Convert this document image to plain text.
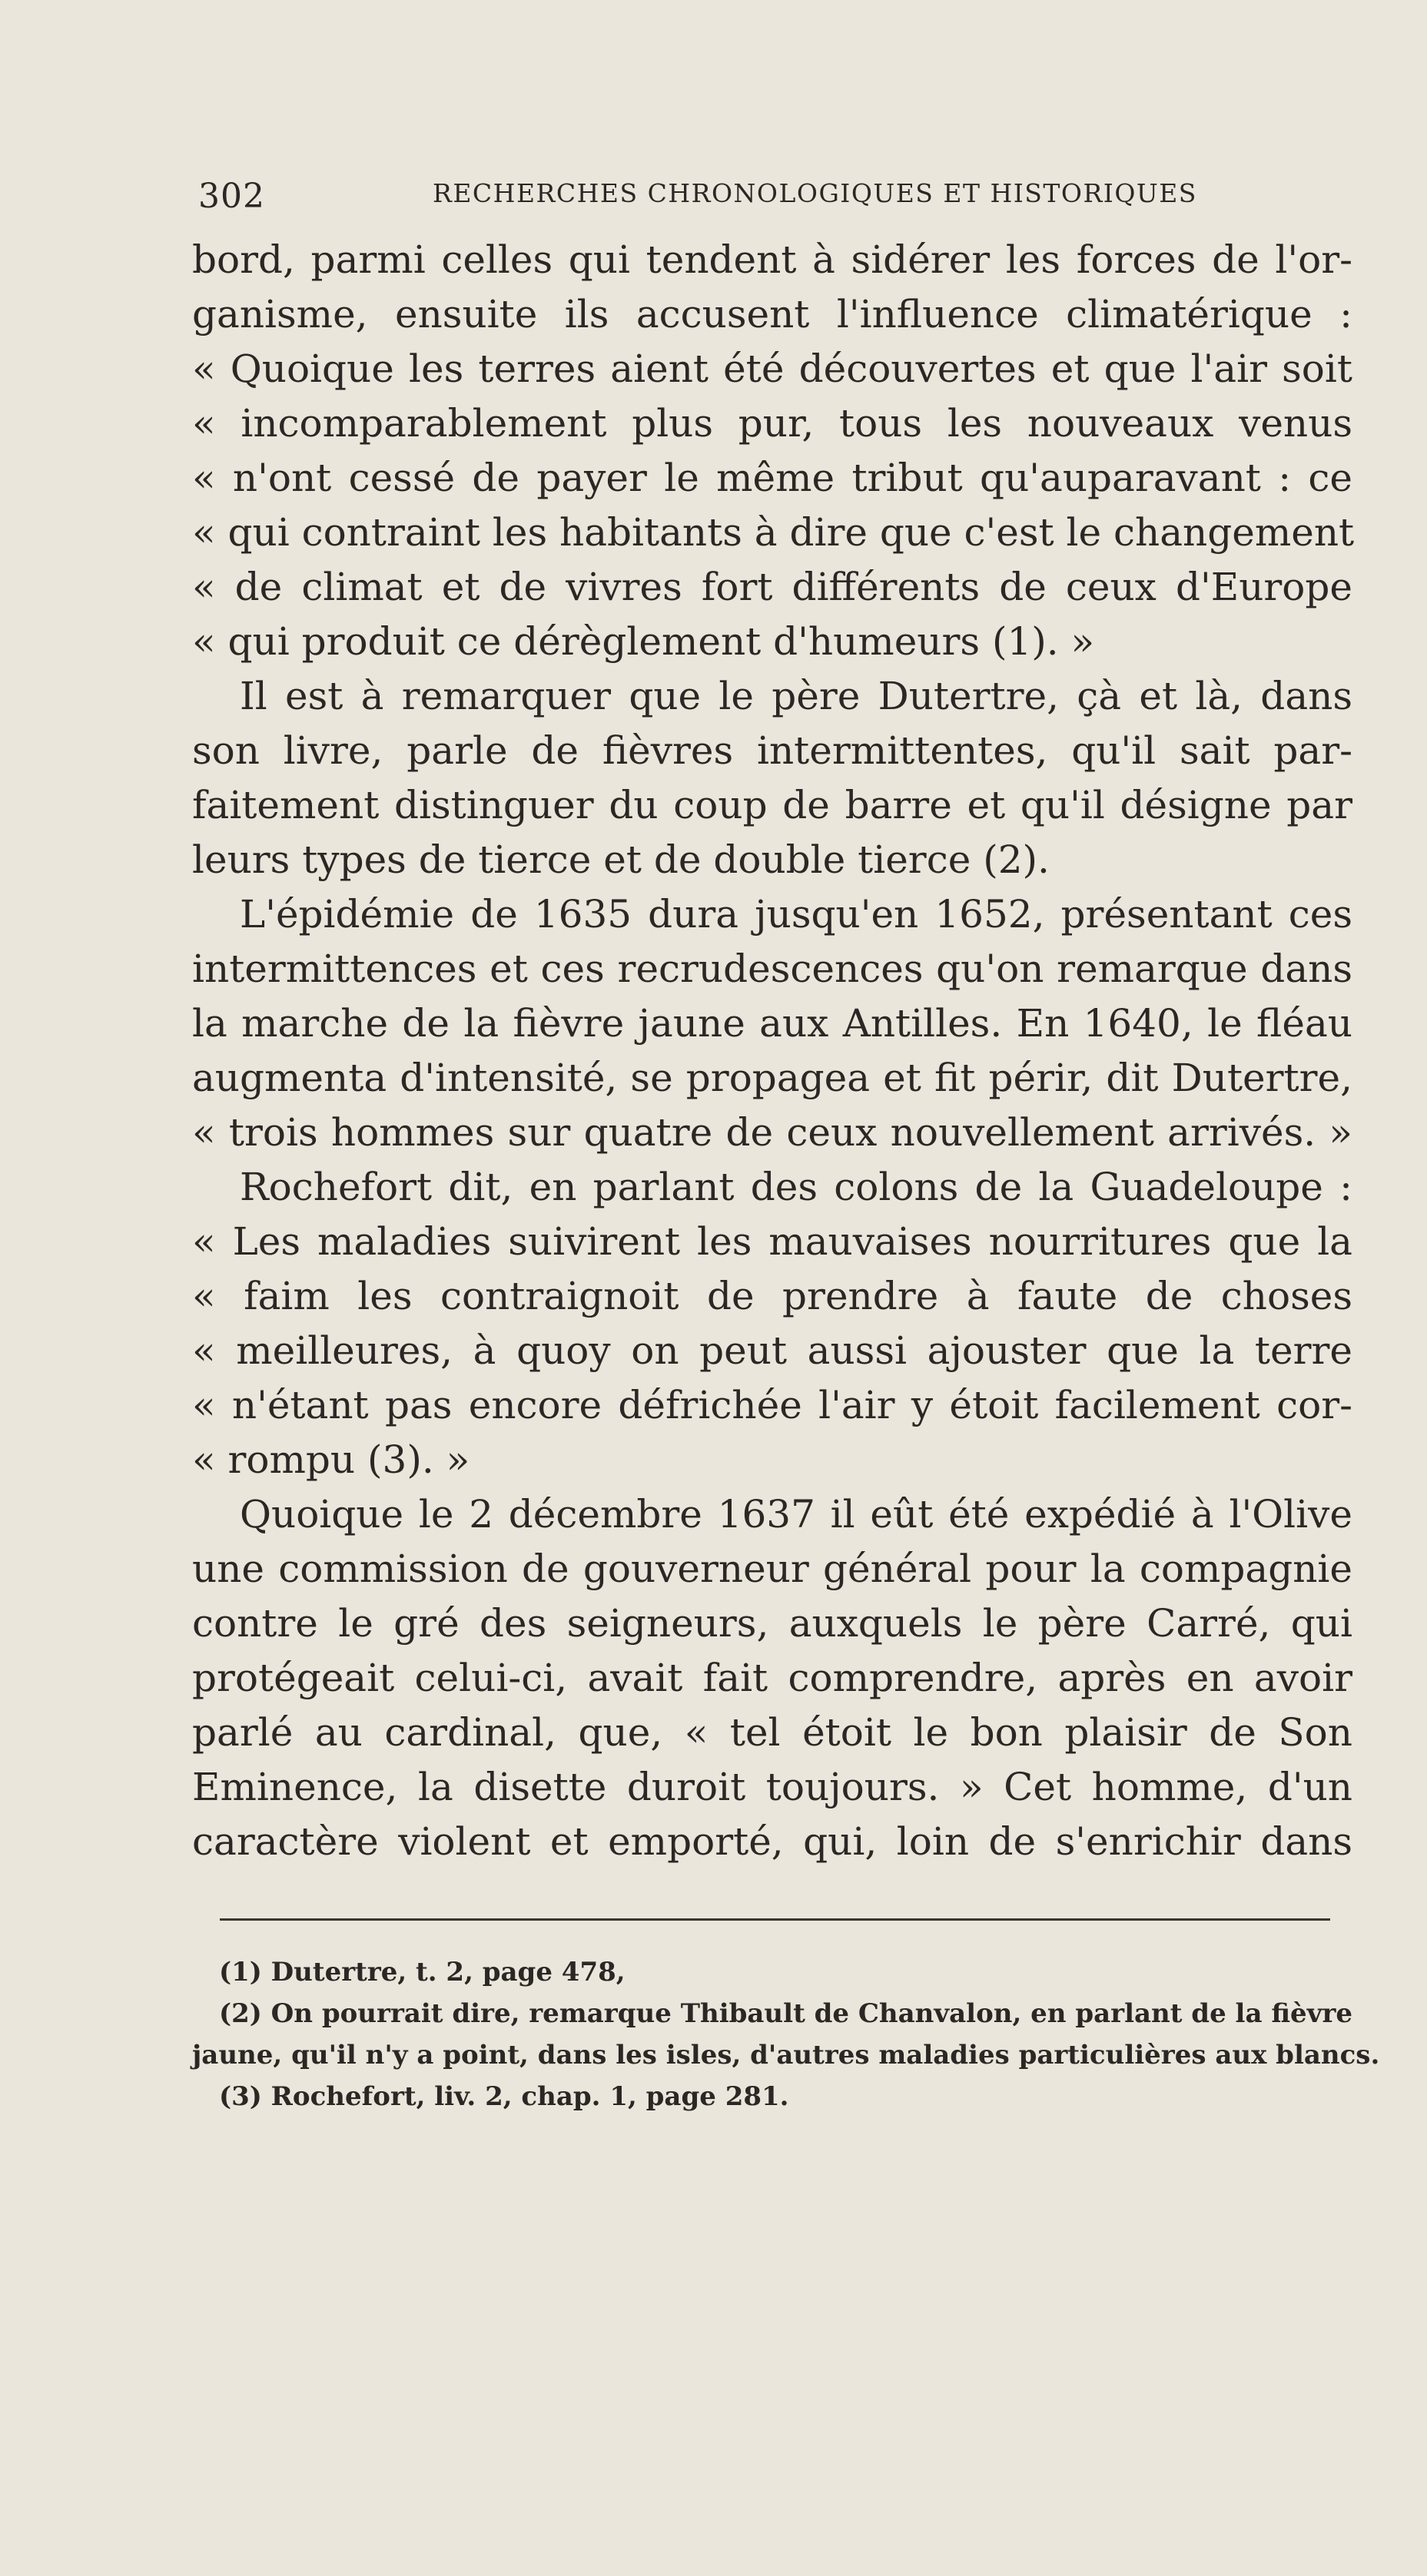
302	RECHERCHES CHRONOLOGIQUES ET HISTORIQUES
bord, parmi celles qui tendent à sidérer les forces de l'or-
ganisme, ensuite ils accusent l'influence climatérique :
« Quoique les terres aient été découvertes et que l'air soit
« incomparablement plus pur, tous les nouveaux venus
« n'ont cessé de payer le même tribut qu'auparavant : ce
« qui contraint les habitants à dire que c'est le changement
« de climat et de vivres fort différents de ceux d'Europe
« qui produit ce dérèglement d'humeurs (1). »
Il est à remarquer que le père Dutertre, çà et là, dans
son livre, parle de fièvres intermittentes, qu'il sait par-
faitement distinguer du coup de barre et qu'il désigne par
leurs types de tierce et de double tierce (2).
L'épidémie de 1635 dura jusqu'en 1652, présentant ces
intermittences et ces recrudescences qu'on remarque dans
la marche de la fièvre jaune aux Antilles. En 1640, le fléau
augmenta d'intensité, se propagea et fit périr, dit Dutertre,
« trois hommes sur quatre de ceux nouvellement arrivés. »
Rochefort dit, en parlant des colons de la Guadeloupe :
« Les maladies suivirent les mauvaises nourritures que la
« faim les contraignoit de prendre à faute de choses
« meilleures, à quoy on peut aussi ajouster que la terre
« n'étant pas encore défrichée l'air y étoit facilement cor-
« rompu (3). »
Quoique le 2 décembre 1637 il eût été expédié à l'Olive
une commission de gouverneur général pour la compagnie
contre le gré des seigneurs, auxquels le père Carré, qui
protégeait celui-ci, avait fait comprendre, après en avoir
parlé au cardinal, que, « tel étoit le bon plaisir de Son
Eminence, la disette duroit toujours. » Cet homme, d'un
caractère violent et emporté, qui, loin de s'enrichir dans
(1) Dutertre, t. 2, page 478,
(2) On pourrait dire, remarque Thibault de Chanvalon, en parlant de la fièvre
jaune, qu'il n'y a point, dans les isles, d'autres maladies particulières aux blancs.
(3) Rochefort, liv. 2, chap. 1, page 281.
